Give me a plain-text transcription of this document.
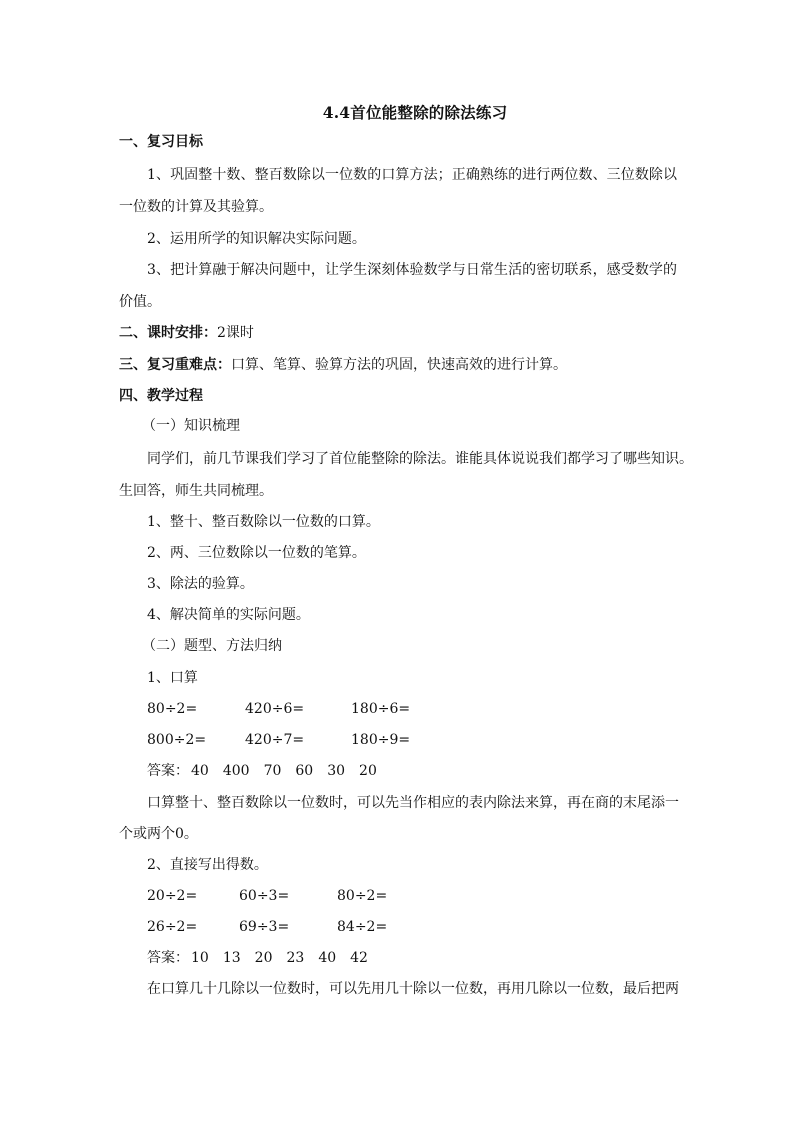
4.4首位能整除的除法练习
一、复习目标
1、巩固整十数、整百数除以一位数的口算方法；正确熟练的进行两位数、三位数除以
一位数的计算及其验算。
2、运用所学的知识解决实际问题。
3、把计算融于解决问题中，让学生深刻体验数学与日常生活的密切联系，感受数学的
价值。
二、课时安排：2课时
三、复习重难点：口算、笔算、验算方法的巩固，快速高效的进行计算。
四、教学过程
（一）知识梳理
同学们，前几节课我们学习了首位能整除的除法。谁能具体说说我们都学习了哪些知识。
生回答，师生共同梳理。
1、整十、整百数除以一位数的口算。
2、两、三位数除以一位数的笔算。
3、除法的验算。
4、解决简单的实际问题。
（二）题型、方法归纳
1、口算
80÷2=	420÷6=	180÷6=
800÷2=	420÷7=	180÷9=
答案： 40 400 70 60 30 20
口算整十、整百数除以一位数时，可以先当作相应的表内除法来算，再在商的末尾添一
个或两个0。
2、直接写出得数。
20÷2=	60÷3=	80÷2=
26÷2=	69÷3=	84÷2=
答案： 10 13 20 23 40 42
在口算几十几除以一位数时，可以先用几十除以一位数，再用几除以一位数，最后把两
